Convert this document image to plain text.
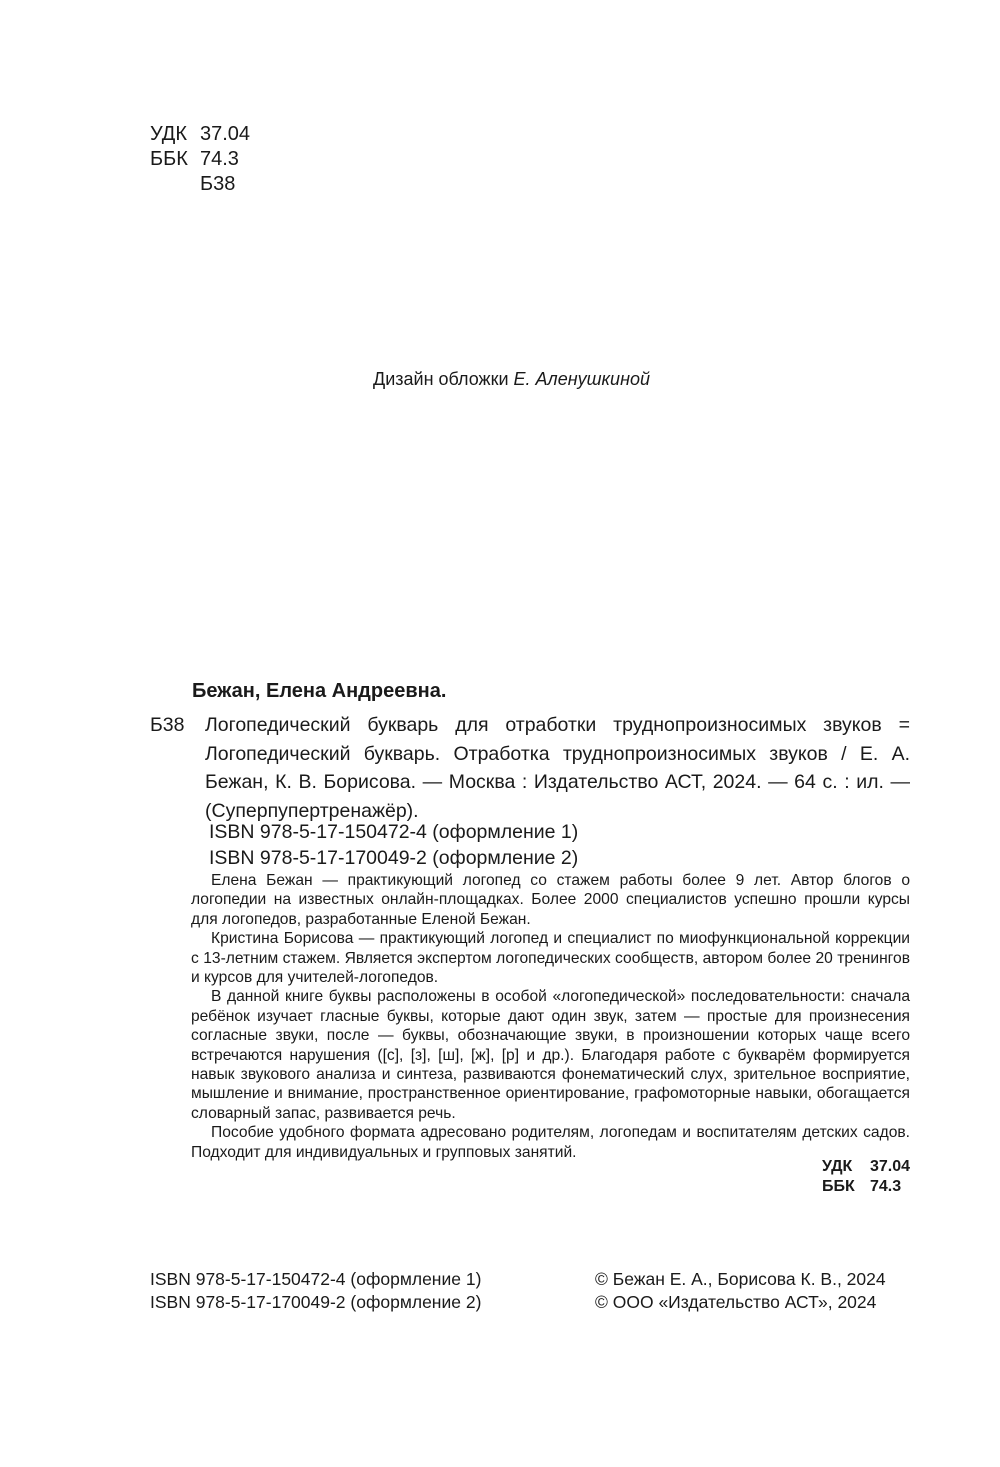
УДК 37.04
ББК 74.3
Б38
Дизайн обложки Е. Аленушкиной
Бежан, Елена Андреевна.
Б38 Логопедический букварь для отработки труднопроизносимых звуков = Логопедический букварь. Отработка труднопроизносимых звуков / Е. А. Бежан, К. В. Борисова. — Москва : Издательство АСТ, 2024. — 64 с. : ил. — (Суперпупертренажёр).
ISBN 978-5-17-150472-4 (оформление 1)
ISBN 978-5-17-170049-2 (оформление 2)

Елена Бежан — практикующий логопед со стажем работы более 9 лет. Автор блогов о логопедии на известных онлайн-площадках. Более 2000 специалистов успешно прошли курсы для логопедов, разработанные Еленой Бежан.

Кристина Борисова — практикующий логопед и специалист по миофункциональной коррекции с 13-летним стажем. Является экспертом логопедических сообществ, автором более 20 тренингов и курсов для учителей-логопедов.

В данной книге буквы расположены в особой «логопедической» последовательности: сначала ребёнок изучает гласные буквы, которые дают один звук, затем — простые для произнесения согласные звуки, после — буквы, обозначающие звуки, в произношении которых чаще всего встречаются нарушения ([с], [з], [ш], [ж], [р] и др.). Благодаря работе с букварём формируется навык звукового анализа и синтеза, развиваются фонематический слух, зрительное восприятие, мышление и внимание, пространственное ориентирование, графомоторные навыки, обогащается словарный запас, развивается речь.

Пособие удобного формата адресовано родителям, логопедам и воспитателям детских садов. Подходит для индивидуальных и групповых занятий.

УДК 37.04
ББК 74.3
ISBN 978-5-17-150472-4 (оформление 1)
ISBN 978-5-17-170049-2 (оформление 2)
© Бежан Е. А., Борисова К. В., 2024
© ООО «Издательство АСТ», 2024
